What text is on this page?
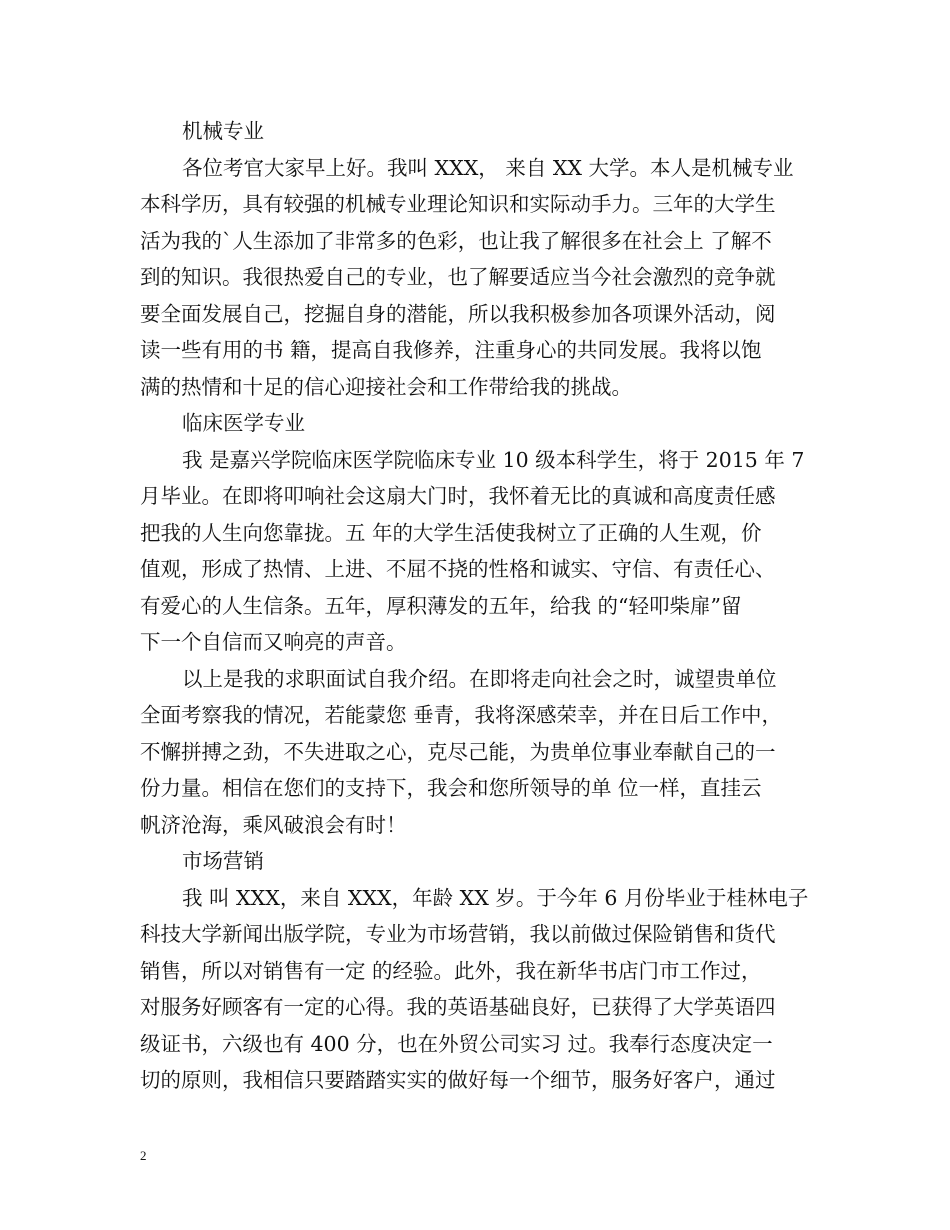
机械专业
各位考官大家早上好。我叫 XXX， 来自 XX 大学。本人是机械专业
本科学历，具有较强的机械专业理论知识和实际动手力。三年的大学生
活为我的`人生添加了非常多的色彩，也让我了解很多在社会上 了解不
到的知识。我很热爱自己的专业，也了解要适应当今社会激烈的竞争就
要全面发展自己，挖掘自身的潜能，所以我积极参加各项课外活动，阅
读一些有用的书 籍，提高自我修养，注重身心的共同发展。我将以饱
满的热情和十足的信心迎接社会和工作带给我的挑战。
临床医学专业
我 是嘉兴学院临床医学院临床专业 10 级本科学生，将于 2015 年 7
月毕业。在即将叩响社会这扇大门时，我怀着无比的真诚和高度责任感
把我的人生向您靠拢。五 年的大学生活使我树立了正确的人生观，价
值观，形成了热情、上进、不屈不挠的性格和诚实、守信、有责任心、
有爱心的人生信条。五年，厚积薄发的五年，给我 的“轻叩柴扉”留
下一个自信而又响亮的声音。
以上是我的求职面试自我介绍。在即将走向社会之时，诚望贵单位
全面考察我的情况，若能蒙您 垂青，我将深感荣幸，并在日后工作中，
不懈拼搏之劲，不失进取之心，克尽己能，为贵单位事业奉献自己的一
份力量。相信在您们的支持下，我会和您所领导的单 位一样，直挂云
帆济沧海，乘风破浪会有时！
市场营销
我 叫 XXX，来自 XXX，年龄 XX 岁。于今年 6 月份毕业于桂林电子
科技大学新闻出版学院，专业为市场营销，我以前做过保险销售和货代
销售，所以对销售有一定 的经验。此外，我在新华书店门市工作过，
对服务好顾客有一定的心得。我的英语基础良好，已获得了大学英语四
级证书，六级也有 400 分，也在外贸公司实习 过。我奉行态度决定一
切的原则，我相信只要踏踏实实的做好每一个细节，服务好客户，通过
2
